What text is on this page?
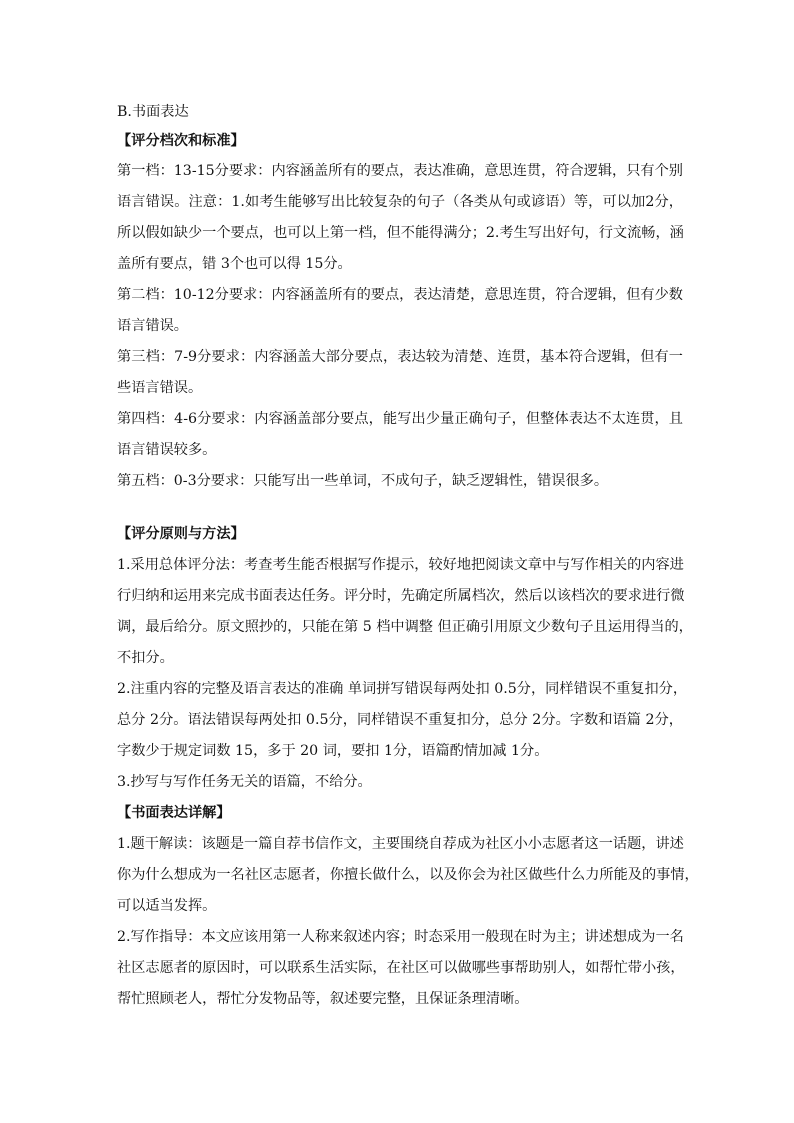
B.书面表达
【评分档次和标准】
第一档：13-15分要求：内容涵盖所有的要点，表达准确，意思连贯，符合逻辑，只有个别
语言错误。注意：1.如考生能够写出比较复杂的句子（各类从句或谚语）等，可以加2分，
所以假如缺少一个要点，也可以上第一档，但不能得满分；2.考生写出好句，行文流畅，涵
盖所有要点，错 3个也可以得 15分。
第二档：10-12分要求：内容涵盖所有的要点，表达清楚，意思连贯，符合逻辑，但有少数
语言错误。
第三档：7-9分要求：内容涵盖大部分要点，表达较为清楚、连贯，基本符合逻辑，但有一
些语言错误。
第四档：4-6分要求：内容涵盖部分要点，能写出少量正确句子，但整体表达不太连贯，且
语言错误较多。
第五档：0-3分要求：只能写出一些单词，不成句子，缺乏逻辑性，错误很多。
【评分原则与方法】
1.采用总体评分法：考查考生能否根据写作提示，较好地把阅读文章中与写作相关的内容进
行归纳和运用来完成书面表达任务。评分时，先确定所属档次，然后以该档次的要求进行微
调，最后给分。原文照抄的，只能在第 5 档中调整 但正确引用原文少数句子且运用得当的，
不扣分。
2.注重内容的完整及语言表达的准确 单词拼写错误每两处扣 0.5分，同样错误不重复扣分，
总分 2分。语法错误每两处扣 0.5分，同样错误不重复扣分，总分 2分。字数和语篇 2分，
字数少于规定词数 15，多于 20 词，要扣 1分，语篇酌情加减 1分。
3.抄写与写作任务无关的语篇，不给分。
【书面表达详解】
1.题干解读：该题是一篇自荐书信作文，主要围绕自荐成为社区小小志愿者这一话题，讲述
你为什么想成为一名社区志愿者，你擅长做什么，以及你会为社区做些什么力所能及的事情，
可以适当发挥。
2.写作指导：本文应该用第一人称来叙述内容；时态采用一般现在时为主；讲述想成为一名
社区志愿者的原因时，可以联系生活实际，在社区可以做哪些事帮助别人，如帮忙带小孩，
帮忙照顾老人，帮忙分发物品等，叙述要完整，且保证条理清晰。
